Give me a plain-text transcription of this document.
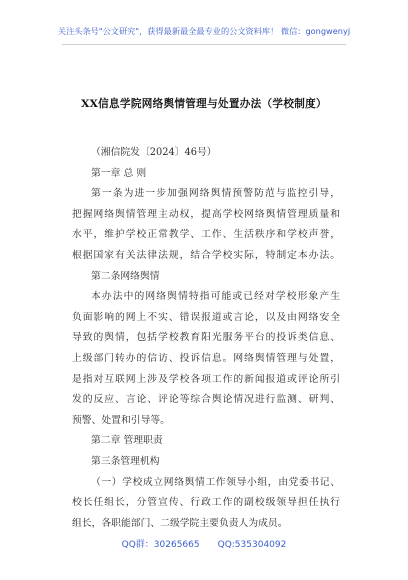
关注头条号"公文研究"，获得最新最全最专业的公文资料库！ 微信：gongwenyj
XX信息学院网络舆情管理与处置办法（学校制度）
（湘信院发〔2024〕46号）
第一章 总 则
第一条为进一步加强网络舆情预警防范与监控引导，
把握网络舆情管理主动权，提高学校网络舆情管理质量和
水平，维护学校正常教学、工作、生活秩序和学校声誉，
根据国家有关法律法规，结合学校实际，特制定本办法。
第二条网络舆情
本办法中的网络舆情特指可能或已经对学校形象产生
负面影响的网上不实、错误报道或言论，以及由网络安全
导致的舆情，包括学校教育阳光服务平台的投诉类信息、
上级部门转办的信访、投诉信息。网络舆情管理与处置，
是指对互联网上涉及学校各项工作的新闻报道或评论所引
发的反应、言论、评论等综合舆论情况进行监测、研判、
预警、处置和引导等。
第二章 管理职责
第三条管理机构
（一）学校成立网络舆情工作领导小组，由党委书记、
校长任组长，分管宣传、行政工作的副校级领导担任执行
组长，各职能部门、二级学院主要负责人为成员。
QQ群：30265665 QQ:535304092
